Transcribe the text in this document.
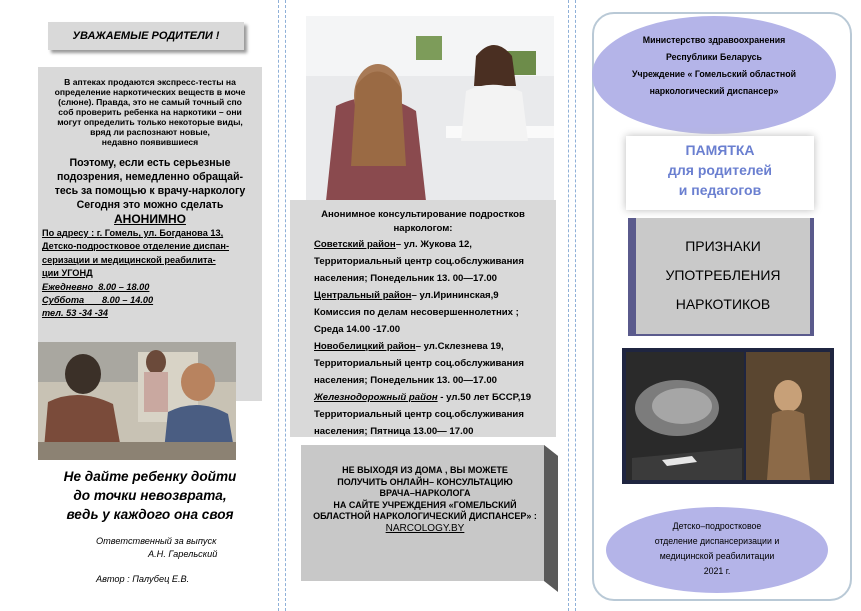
УВАЖАЕМЫЕ РОДИТЕЛИ !
В аптеках продаются экспресс-тесты на
определение наркотических веществ в моче
(слюне). Правда, это не самый точный спо
соб проверить ребенка на наркотики – они
могут определить только некоторые виды,
вряд ли распознают новые,
недавно появившиеся
Поэтому, если есть серьезные
подозрения, немедленно обращай-
тесь за помощью к врачу-наркологу
Сегодня это можно сделать
АНОНИМНО
По адресу : г. Гомель, ул. Богданова 13,
Детско-подростковое отделение диспан-
серизации и медицинской реабилита-
ции УГОНД
Ежедневно 8.00 – 18.00
Суббота 8.00 – 14.00
тел. 53 -34 -34
Не дайте ребенку дойти
до точки невозврата,
ведь у каждого она своя
Ответственный за выпуск
А.Н. Гарельский
Автор : Палубец Е.В.
Анонимное консультирование подростков
наркологом:
Советский район– ул. Жукова 12,
Территориальный центр соц.обслуживания
населения; Понедельник 13. 00—17.00
Центральный район– ул.Ирининская,9
Комиссия по делам несовершеннолетних ;
Среда 14.00 -17.00
Новобелицкий район– ул.Склезнева 19,
Территориальный центр соц.обслуживания
населения; Понедельник 13. 00—17.00
Железнодорожный район - ул.50 лет БССР,19
Территориальный центр соц.обслуживания
населения; Пятница 13.00— 17.00
НЕ ВЫХОДЯ ИЗ ДОМА , ВЫ МОЖЕТЕ
ПОЛУЧИТЬ ОНЛАЙН– КОНСУЛЬТАЦИЮ
ВРАЧА–НАРКОЛОГА
НА САЙТЕ УЧРЕЖДЕНИЯ «ГОМЕЛЬСКИЙ
ОБЛАСТНОЙ НАРКОЛОГИЧЕСКИЙ ДИСПАНСЕР» :
NARCOLOGY.BY
Министерство здравоохранения
Республики Беларусь
Учреждение « Гомельский областной
наркологический диспансер»
ПАМЯТКА
для родителей
и педагогов
ПРИЗНАКИ
УПОТРЕБЛЕНИЯ
НАРКОТИКОВ
Детско–подростковое
отделение диспансеризации и
медицинской реабилитации
2021 г.
